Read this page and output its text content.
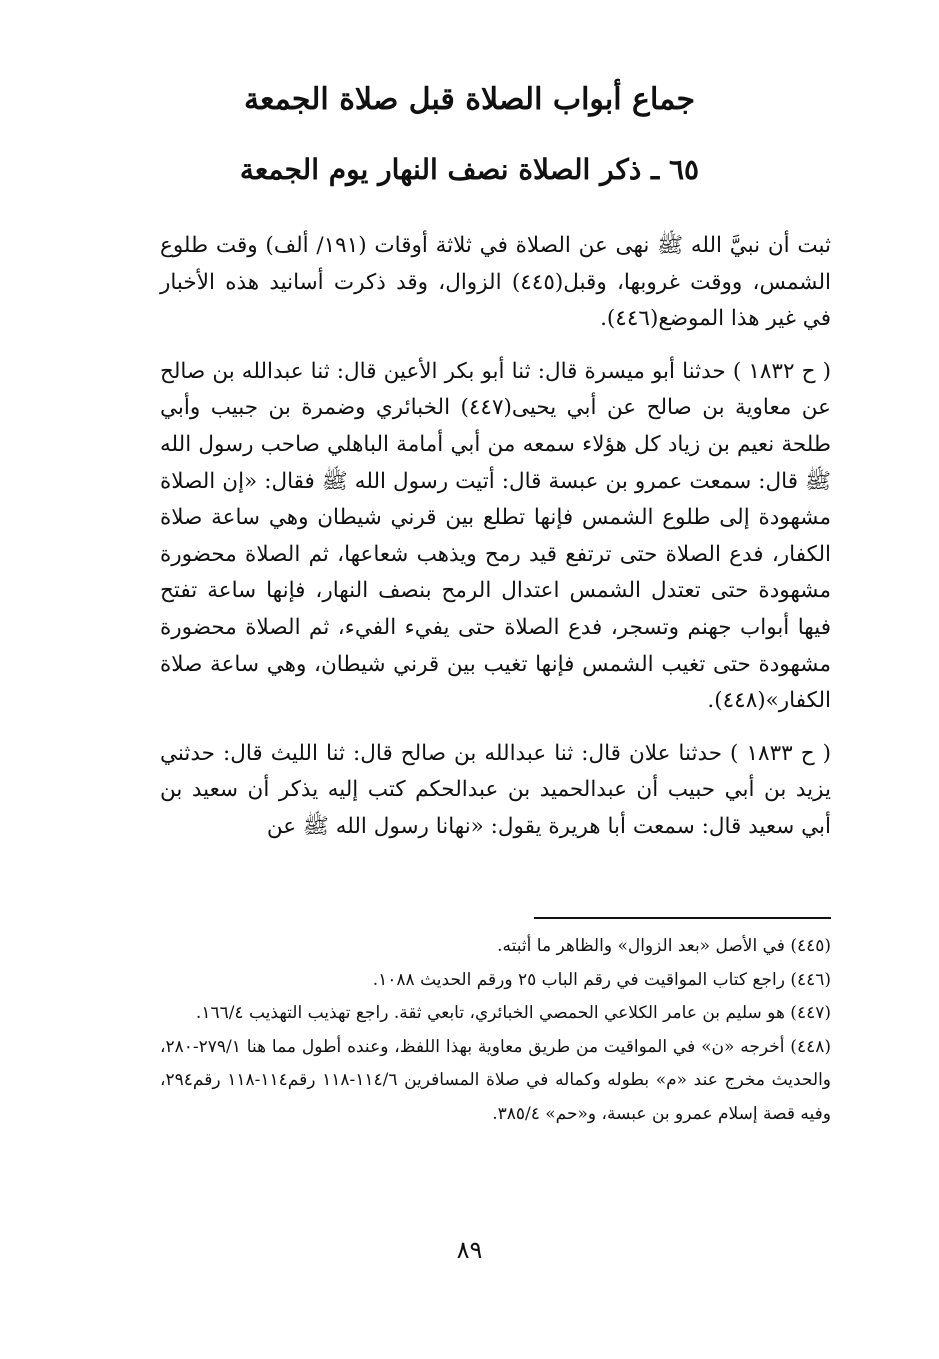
جماع أبواب الصلاة قبل صلاة الجمعة
٦٥ ـ ذكر الصلاة نصف النهار يوم الجمعة

ثبت أن نبيَّ الله ﷺ نهى عن الصلاة في ثلاثة أوقات (١٩١/ ألف) وقت طلوع الشمس، ووقت غروبها، وقبل(٤٤٥) الزوال، وقد ذكرت أسانيد هذه الأخبار في غير هذا الموضع(٤٤٦).

( ح ١٨٣٢ ) حدثنا أبو ميسرة قال: ثنا أبو بكر الأعين قال: ثنا عبدالله بن صالح عن معاوية بن صالح عن أبي يحيى(٤٤٧) الخبائري وضمرة بن جبيب وأبي طلحة نعيم بن زياد كل هؤلاء سمعه من أبي أمامة الباهلي صاحب رسول الله ﷺ قال: سمعت عمرو بن عبسة قال: أتيت رسول الله ﷺ فقال: «إن الصلاة مشهودة إلى طلوع الشمس فإنها تطلع بين قرني شيطان وهي ساعة صلاة الكفار، فدع الصلاة حتى ترتفع قيد رمح ويذهب شعاعها، ثم الصلاة محضورة مشهودة حتى تعتدل الشمس اعتدال الرمح بنصف النهار، فإنها ساعة تفتح فيها أبواب جهنم وتسجر، فدع الصلاة حتى يفيء الفيء، ثم الصلاة محضورة مشهودة حتى تغيب الشمس فإنها تغيب بين قرني شيطان، وهي ساعة صلاة الكفار»(٤٤٨).

( ح ١٨٣٣ ) حدثنا علان قال: ثنا عبدالله بن صالح قال: ثنا الليث قال: حدثني يزيد بن أبي حبيب أن عبدالحميد بن عبدالحكم كتب إليه يذكر أن سعيد بن أبي سعيد قال: سمعت أبا هريرة يقول: «نهانا رسول الله ﷺ عن

(٤٤٥) في الأصل «بعد الزوال» والظاهر ما أثبته.

(٤٤٦) راجع كتاب المواقيت في رقم الباب ٢٥ ورقم الحديث ١٠٨٨.

(٤٤٧) هو سليم بن عامر الكلاعي الحمصي الخبائري، تابعي ثقة. راجع تهذيب التهذيب ١٦٦/٤.

(٤٤٨) أخرجه «ن» في المواقيت من طريق معاوية بهذا اللفظ، وعنده أطول مما هنا ٢٧٩/١-٢٨٠، والحديث مخرج عند «م» بطوله وكماله في صلاة المسافرين ١١٤/٦-١١٨ رقم١١٤-١١٨ رقم٢٩٤، وفيه قصة إسلام عمرو بن عبسة، و«حم» ٣٨٥/٤.

٨٩
